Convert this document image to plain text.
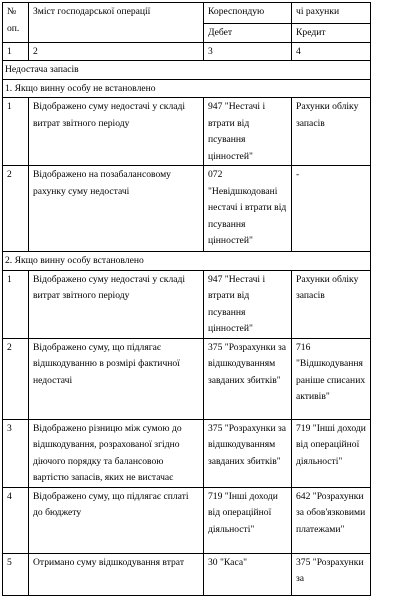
№ оп.	Зміст господарської операції	Кореспондую	чі рахунки
		Дебет	Кредит
1	2	3	4
Недостача запасів			
1. Якщо винну особу не встановлено			
1	Відображено суму недостачі у складі витрат звітного періоду	947 "Нестачі і втрати від псування цінностей"	Рахунки обліку запасів
2	Відображено на позабалансовому рахунку суму недостачі	072 "Невідшкодовані нестачі і втрати від псування цінностей"	-
2. Якщо винну особу встановлено			
1	Відображено суму недостачі у складі витрат звітного періоду	947 "Нестачі і втрати від псування цінностей"	Рахунки обліку запасів
2	Відображено суму, що підлягає відшкодуванню в розмірі фактичної недостачі	375 "Розрахунки за відшкодуванням завданих збитків"	716 "Відшкодування раніше списаних активів"
3	Відображено різницю між сумою до відшкодування, розрахованої згідно діючого порядку та балансовою вартістю запасів, яких не вистачає	375 "Розрахунки за відшкодуванням завданих збитків"	719 "Інші доходи від операційної діяльності"
4	Відображено суму, що підлягає сплаті до бюджету	719 "Інші доходи від операційної діяльності"	642 "Розрахунки за обов'язковими платежами"
5	Отримано суму відшкодування втрат	30 "Каса"	375 "Розрахунки за
